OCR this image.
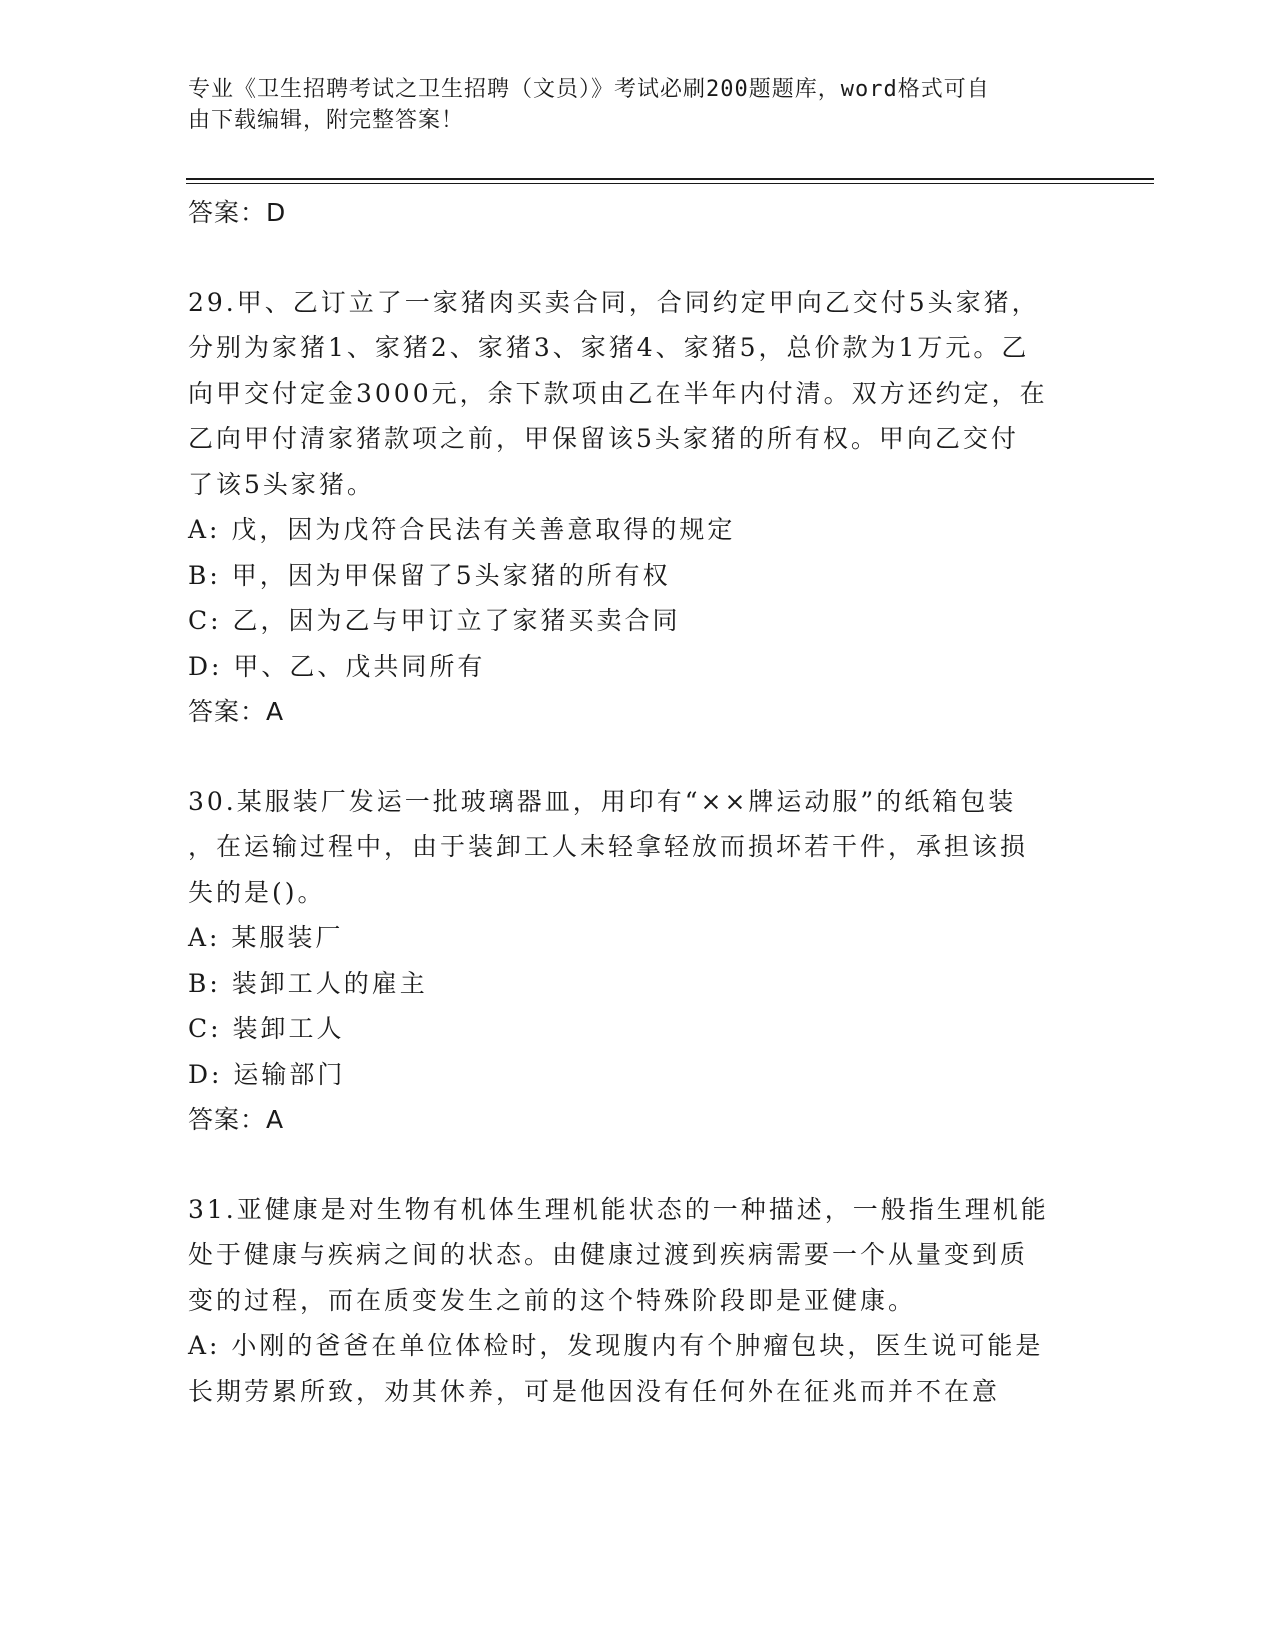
专业《卫生招聘考试之卫生招聘（文员）》考试必刷200题题库，word格式可自
由下载编辑，附完整答案！

答案：D

29.甲、乙订立了一家猪肉买卖合同，合同约定甲向乙交付5头家猪，

分别为家猪1、家猪2、家猪3、家猪4、家猪5，总价款为1万元。乙

向甲交付定金3000元，余下款项由乙在半年内付清。双方还约定，在

乙向甲付清家猪款项之前，甲保留该5头家猪的所有权。甲向乙交付

了该5头家猪。

A: 戊，因为戊符合民法有关善意取得的规定

B: 甲，因为甲保留了5头家猪的所有权

C: 乙，因为乙与甲订立了家猪买卖合同

D: 甲、乙、戊共同所有

答案：A

30.某服装厂发运一批玻璃器皿，用印有“××牌运动服”的纸箱包装

，在运输过程中，由于装卸工人未轻拿轻放而损坏若干件，承担该损

失的是()。

A: 某服装厂

B: 装卸工人的雇主

C: 装卸工人

D: 运输部门

答案：A

31.亚健康是对生物有机体生理机能状态的一种描述，一般指生理机能

处于健康与疾病之间的状态。由健康过渡到疾病需要一个从量变到质

变的过程，而在质变发生之前的这个特殊阶段即是亚健康。

A: 小刚的爸爸在单位体检时，发现腹内有个肿瘤包块，医生说可能是

长期劳累所致，劝其休养，可是他因没有任何外在征兆而并不在意
